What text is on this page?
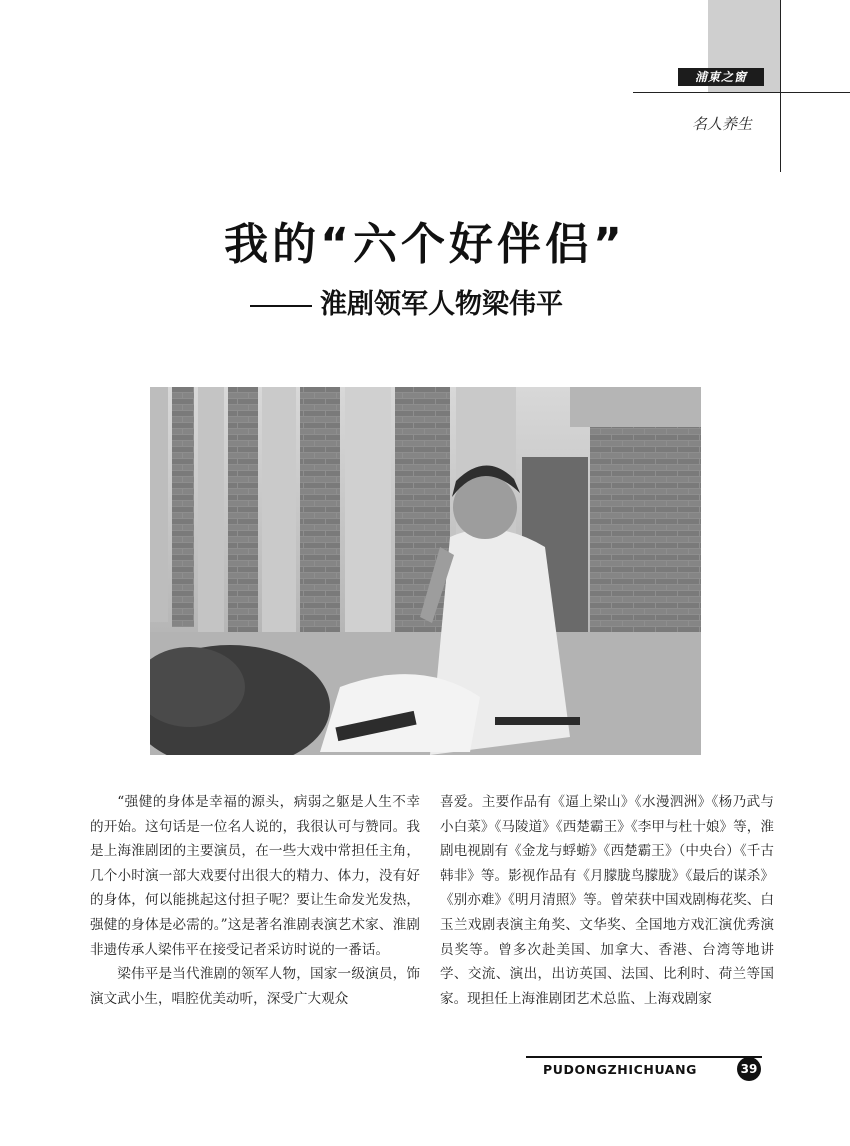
浦東之窗
名人养生
我的“六个好伴侣”
淮剧领军人物梁伟平

“强健的身体是幸福的源头，病弱之躯是人生不幸的开始。这句话是一位名人说的，我很认可与赞同。我是上海淮剧团的主要演员，在一些大戏中常担任主角，几个小时演一部大戏要付出很大的精力、体力，没有好的身体，何以能挑起这付担子呢？要让生命发光发热，强健的身体是必需的。”这是著名淮剧表演艺术家、淮剧非遗传承人梁伟平在接受记者采访时说的一番话。

梁伟平是当代淮剧的领军人物，国家一级演员，饰演文武小生，唱腔优美动听，深受广大观众

喜爱。主要作品有《逼上梁山》《水漫泗洲》《杨乃武与小白菜》《马陵道》《西楚霸王》《李甲与杜十娘》等，淮剧电视剧有《金龙与蜉蝣》《西楚霸王》（中央台）《千古韩非》等。影视作品有《月朦胧鸟朦胧》《最后的谋杀》《别亦难》《明月清照》等。曾荣获中国戏剧梅花奖、白玉兰戏剧表演主角奖、文华奖、全国地方戏汇演优秀演员奖等。曾多次赴美国、加拿大、香港、台湾等地讲学、交流、演出，出访英国、法国、比利时、荷兰等国家。现担任上海淮剧团艺术总监、上海戏剧家

PUDONGZHICHUANG	39
